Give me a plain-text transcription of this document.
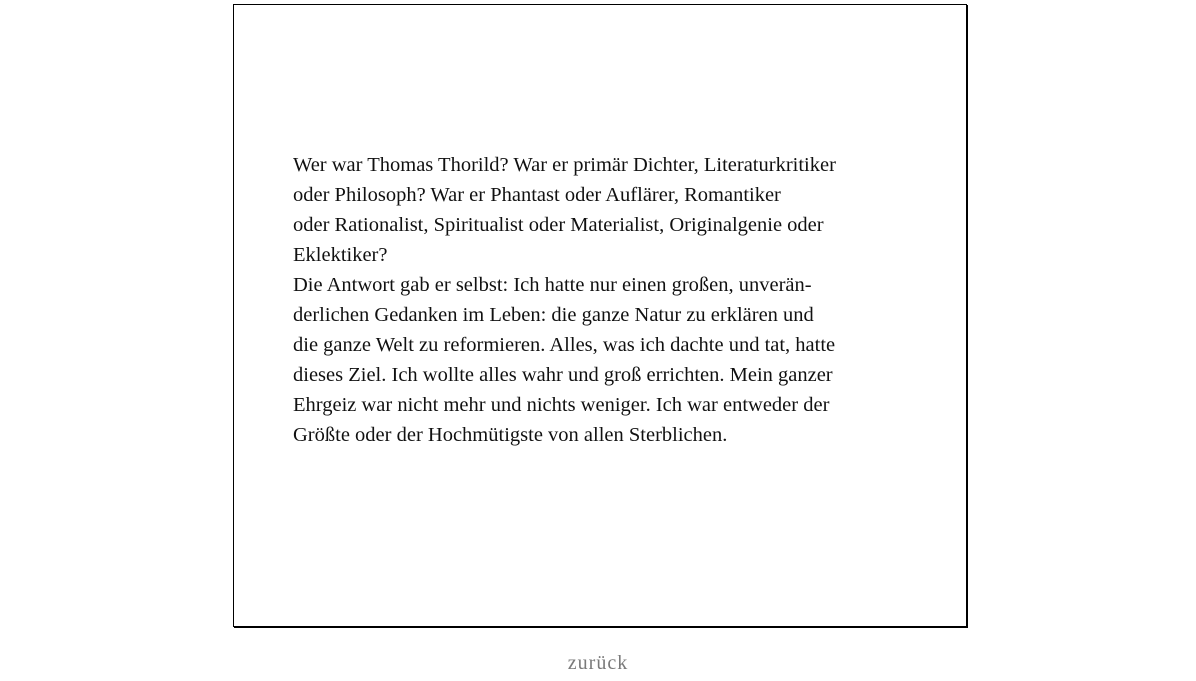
Wer war Thomas Thorild? War er primär Dichter, Literaturkritiker
oder Philosoph? War er Phantast oder Auflärer, Romantiker
oder Rationalist, Spiritualist oder Materialist, Originalgenie oder
Eklektiker?
Die Antwort gab er selbst: Ich hatte nur einen großen, unverän-
derlichen Gedanken im Leben: die ganze Natur zu erklären und
die ganze Welt zu reformieren. Alles, was ich dachte und tat, hatte
dieses Ziel. Ich wollte alles wahr und groß errichten. Mein ganzer
Ehrgeiz war nicht mehr und nichts weniger. Ich war entweder der
Größte oder der Hochmütigste von allen Sterblichen.
zurück
